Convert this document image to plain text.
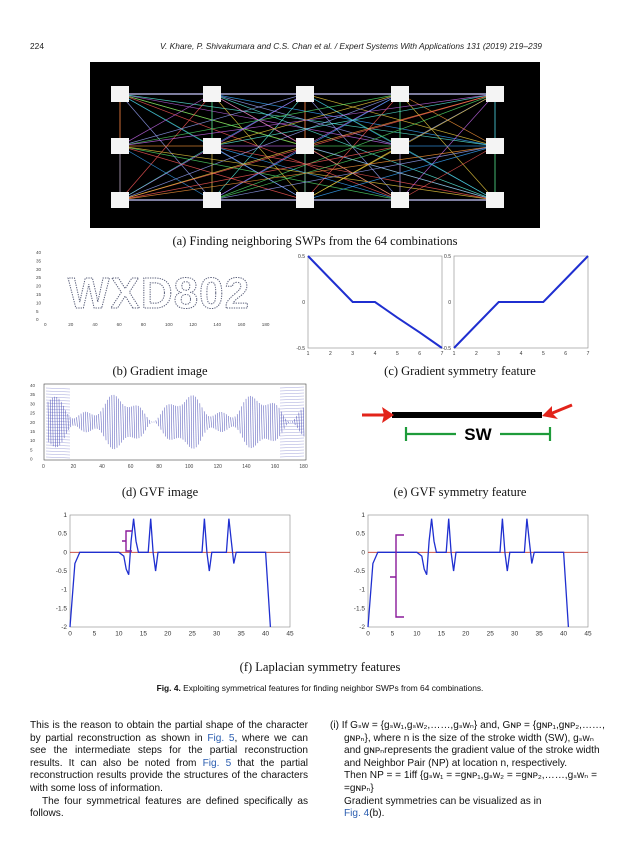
224	V. Khare, P. Shivakumara and C.S. Chan et al. / Expert Systems With Applications 131 (2019) 219–239
(a) Finding neighboring SWPs from the 64 combinations
40
35
30
25
20
15
10
5
0
0	20	40	60	80	100	120	140	160	180
WXD802
(b) Gradient image
0.5
0
-0.5
1	2	3	4	5	6	7
0.5
0
-0.5
1	2	3	4	5	6	7
(c) Gradient symmetry feature
40
35
30
25
20
15
10
5
0
0	20	40	60	80	100	120	140	160	180
(d) GVF image
SW
(e) GVF symmetry feature
1
0.5
0
-0.5
-1
-1.5
-2
0	5	10	15	20	25	30	35	40	45
1
0.5
0
-0.5
-1
-1.5
-2
0	5	10	15	20	25	30	35	40	45
(f) Laplacian symmetry features
Fig. 4. Exploiting symmetrical features for finding neighbor SWPs from 64 combinations.

This is the reason to obtain the partial shape of the character by partial reconstruction as shown in Fig. 5, where we can see the intermediate steps for the partial reconstruction results. It can also be noted from Fig. 5 that the partial reconstruction results provide the structures of the characters with some loss of information.

The four symmetrical features are defined specifically as follows.

(i) If Gₛᴡ = {gₛᴡ₁,gₛᴡ₂,……,gₛᴡₙ} and, Gɴᴘ = {gɴᴘ₁,gɴᴘ₂,……,
gɴᴘₙ}, where n is the size of the stroke width (SW), gₛᴡₙ
and gɴᴘₙrepresents the gradient value of the stroke width
and Neighbor Pair (NP) at location n, respectively.
Then NP = = 1iff {gₛᴡ₁ = =gɴᴘ₁,gₛᴡ₂ = =gɴᴘ₂,……,gₛᴡₙ = =gɴᴘₙ}
Gradient symmetries can be visualized as in
Fig. 4(b).
